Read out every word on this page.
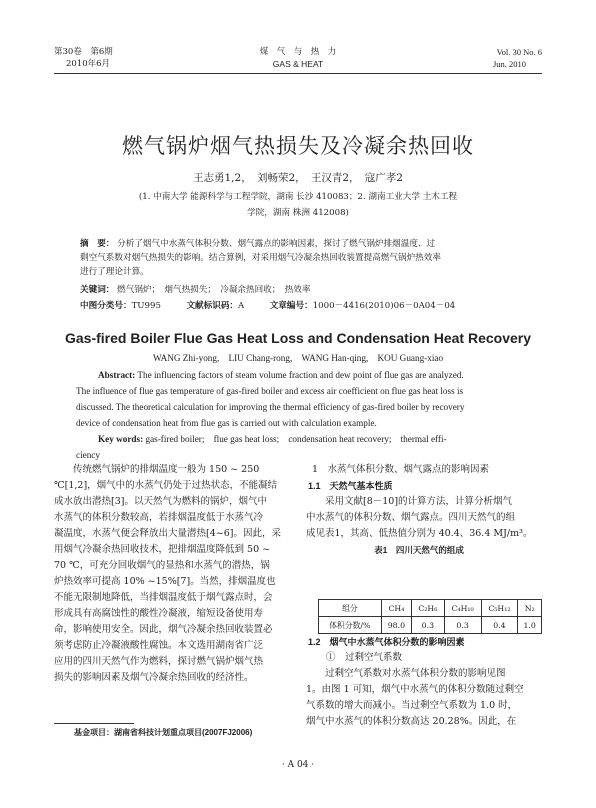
第30卷　第6期
2010年6月
煤　气　与　热　力
GAS & HEAT
Vol. 30 No. 6
Jun. 2010
燃气锅炉烟气热损失及冷凝余热回收
王志勇1,2，　刘畅荣2，　王汉青2，　寇广孝2
(1. 中南大学 能源科学与工程学院，湖南 长沙 410083；2. 湖南工业大学 土木工程
学院，湖南 株洲 412008)
摘　要： 分析了烟气中水蒸气体积分数、烟气露点的影响因素，探讨了燃气锅炉排烟温度、过
剩空气系数对烟气热损失的影响。结合算例，对采用烟气冷凝余热回收装置提高燃气锅炉热效率
进行了理论计算。
关键词： 燃气锅炉；　烟气热损失；　冷凝余热回收；　热效率
中图分类号：TU995	文献标识码：A	文章编号：1000－4416(2010)06－0A04－04
Gas-fired Boiler Flue Gas Heat Loss and Condensation Heat Recovery
WANG Zhi-yong,　LIU Chang-rong,　WANG Han-qing,　KOU Guang-xiao
Abstract: The influencing factors of steam volume fraction and dew point of flue gas are analyzed.
The influence of flue gas temperature of gas-fired boiler and excess air coefficient on flue gas heat loss is
discussed. The theoretical calculation for improving the thermal efficiency of gas-fired boiler by recovery
device of condensation heat from flue gas is carried out with calculation example.
Key words: gas-fired boiler;　flue gas heat loss;　condensation heat recovery;　thermal effi-
ciency
　　传统燃气锅炉的排烟温度一般为 150 ~ 250
℃[1,2]，烟气中的水蒸气仍处于过热状态，不能凝结
成水放出潜热[3]。以天然气为燃料的锅炉，烟气中
水蒸气的体积分数较高，若排烟温度低于水蒸气冷
凝温度，水蒸气便会释放出大量潜热[4~6]。因此，采
用烟气冷凝余热回收技术，把排烟温度降低到 50 ~
70 ℃，可充分回收烟气的显热和水蒸气的潜热，锅
炉热效率可提高 10% ~15%[7]。当然，排烟温度也
不能无限制地降低，当排烟温度低于烟气露点时，会
形成具有高腐蚀性的酸性冷凝液，缩短设备使用寿
命，影响使用安全。因此，烟气冷凝余热回收装置必
须考虑防止冷凝液酸性腐蚀。本文选用湖南省广泛
应用的四川天然气作为燃料，探讨燃气锅炉烟气热
损失的影响因素及烟气冷凝余热回收的经济性。
1　水蒸气体积分数、烟气露点的影响因素
1.1　天然气基本性质
　　采用文献[8－10]的计算方法，计算分析烟气
中水蒸气的体积分数、烟气露点。四川天然气的组
成见表1，其高、低热值分别为 40.4、36.4 MJ/m³。
表1　四川天然气的组成
组分	CH₄	C₂H₆	C₄H₁₀	C₅H₁₂	N₂
体积分数/%	98.0	0.3	0.3	0.4	1.0
1.2　烟气中水蒸气体积分数的影响因素
①　过剩空气系数
　　过剩空气系数对水蒸气体积分数的影响见图
1。由图 1 可知，烟气中水蒸气的体积分数随过剩空
气系数的增大而减小。当过剩空气系数为 1.0 时，
烟气中水蒸气的体积分数高达 20.28%。因此，在
基金项目：湖南省科技计划重点项目(2007FJ2006)
· A 04 ·
